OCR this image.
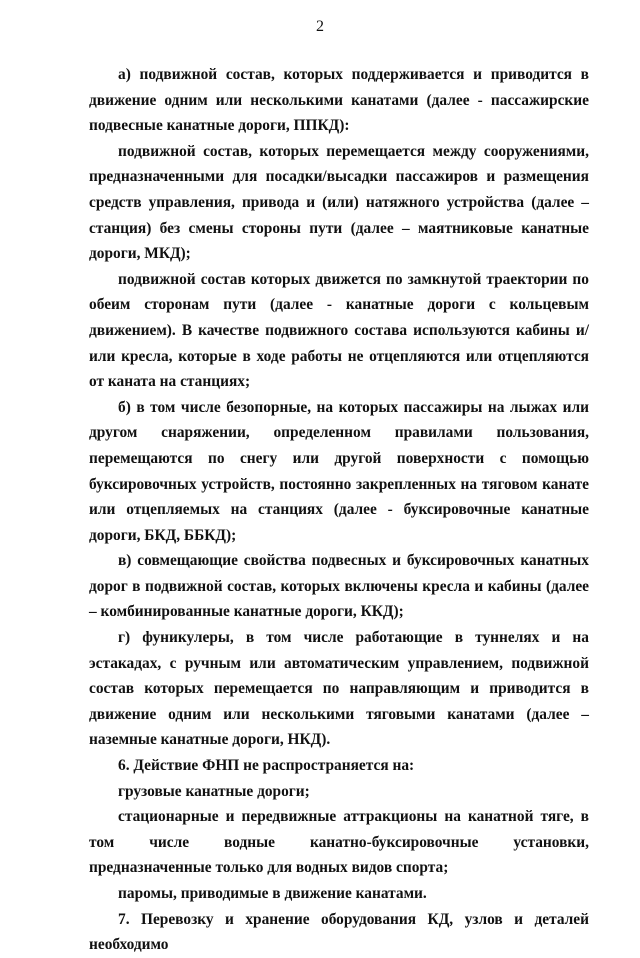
2

а) подвижной состав, которых поддерживается и приводится в движение одним или несколькими канатами (далее - пассажирские подвесные канатные дороги, ППКД):

подвижной состав, которых перемещается между сооружениями, предназначенными для посадки/высадки пассажиров и размещения средств управления, привода и (или) натяжного устройства (далее – станция) без смены стороны пути (далее – маятниковые канатные дороги, МКД);

подвижной состав которых движется по замкнутой траектории по обеим сторонам пути (далее - канатные дороги с кольцевым движением). В качестве подвижного состава используются кабины и/или кресла, которые в ходе работы не отцепляются или отцепляются от каната на станциях;

б) в том числе безопорные, на которых пассажиры на лыжах или другом снаряжении, определенном правилами пользования, перемещаются по снегу или другой поверхности с помощью буксировочных устройств, постоянно закрепленных на тяговом канате или отцепляемых на станциях (далее - буксировочные канатные дороги, БКД, ББКД);

в) совмещающие свойства подвесных и буксировочных канатных дорог в подвижной состав, которых включены кресла и кабины (далее – комбинированные канатные дороги, ККД);

г) фуникулеры, в том числе работающие в туннелях и на эстакадах, с ручным или автоматическим управлением, подвижной состав которых перемещается по направляющим и приводится в движение одним или несколькими тяговыми канатами (далее – наземные канатные дороги, НКД).

6. Действие ФНП не распространяется на:

грузовые канатные дороги;

стационарные и передвижные аттракционы на канатной тяге, в том числе водные канатно-буксировочные установки, предназначенные только для водных видов спорта;

паромы, приводимые в движение канатами.

7. Перевозку и хранение оборудования КД, узлов и деталей необходимо
